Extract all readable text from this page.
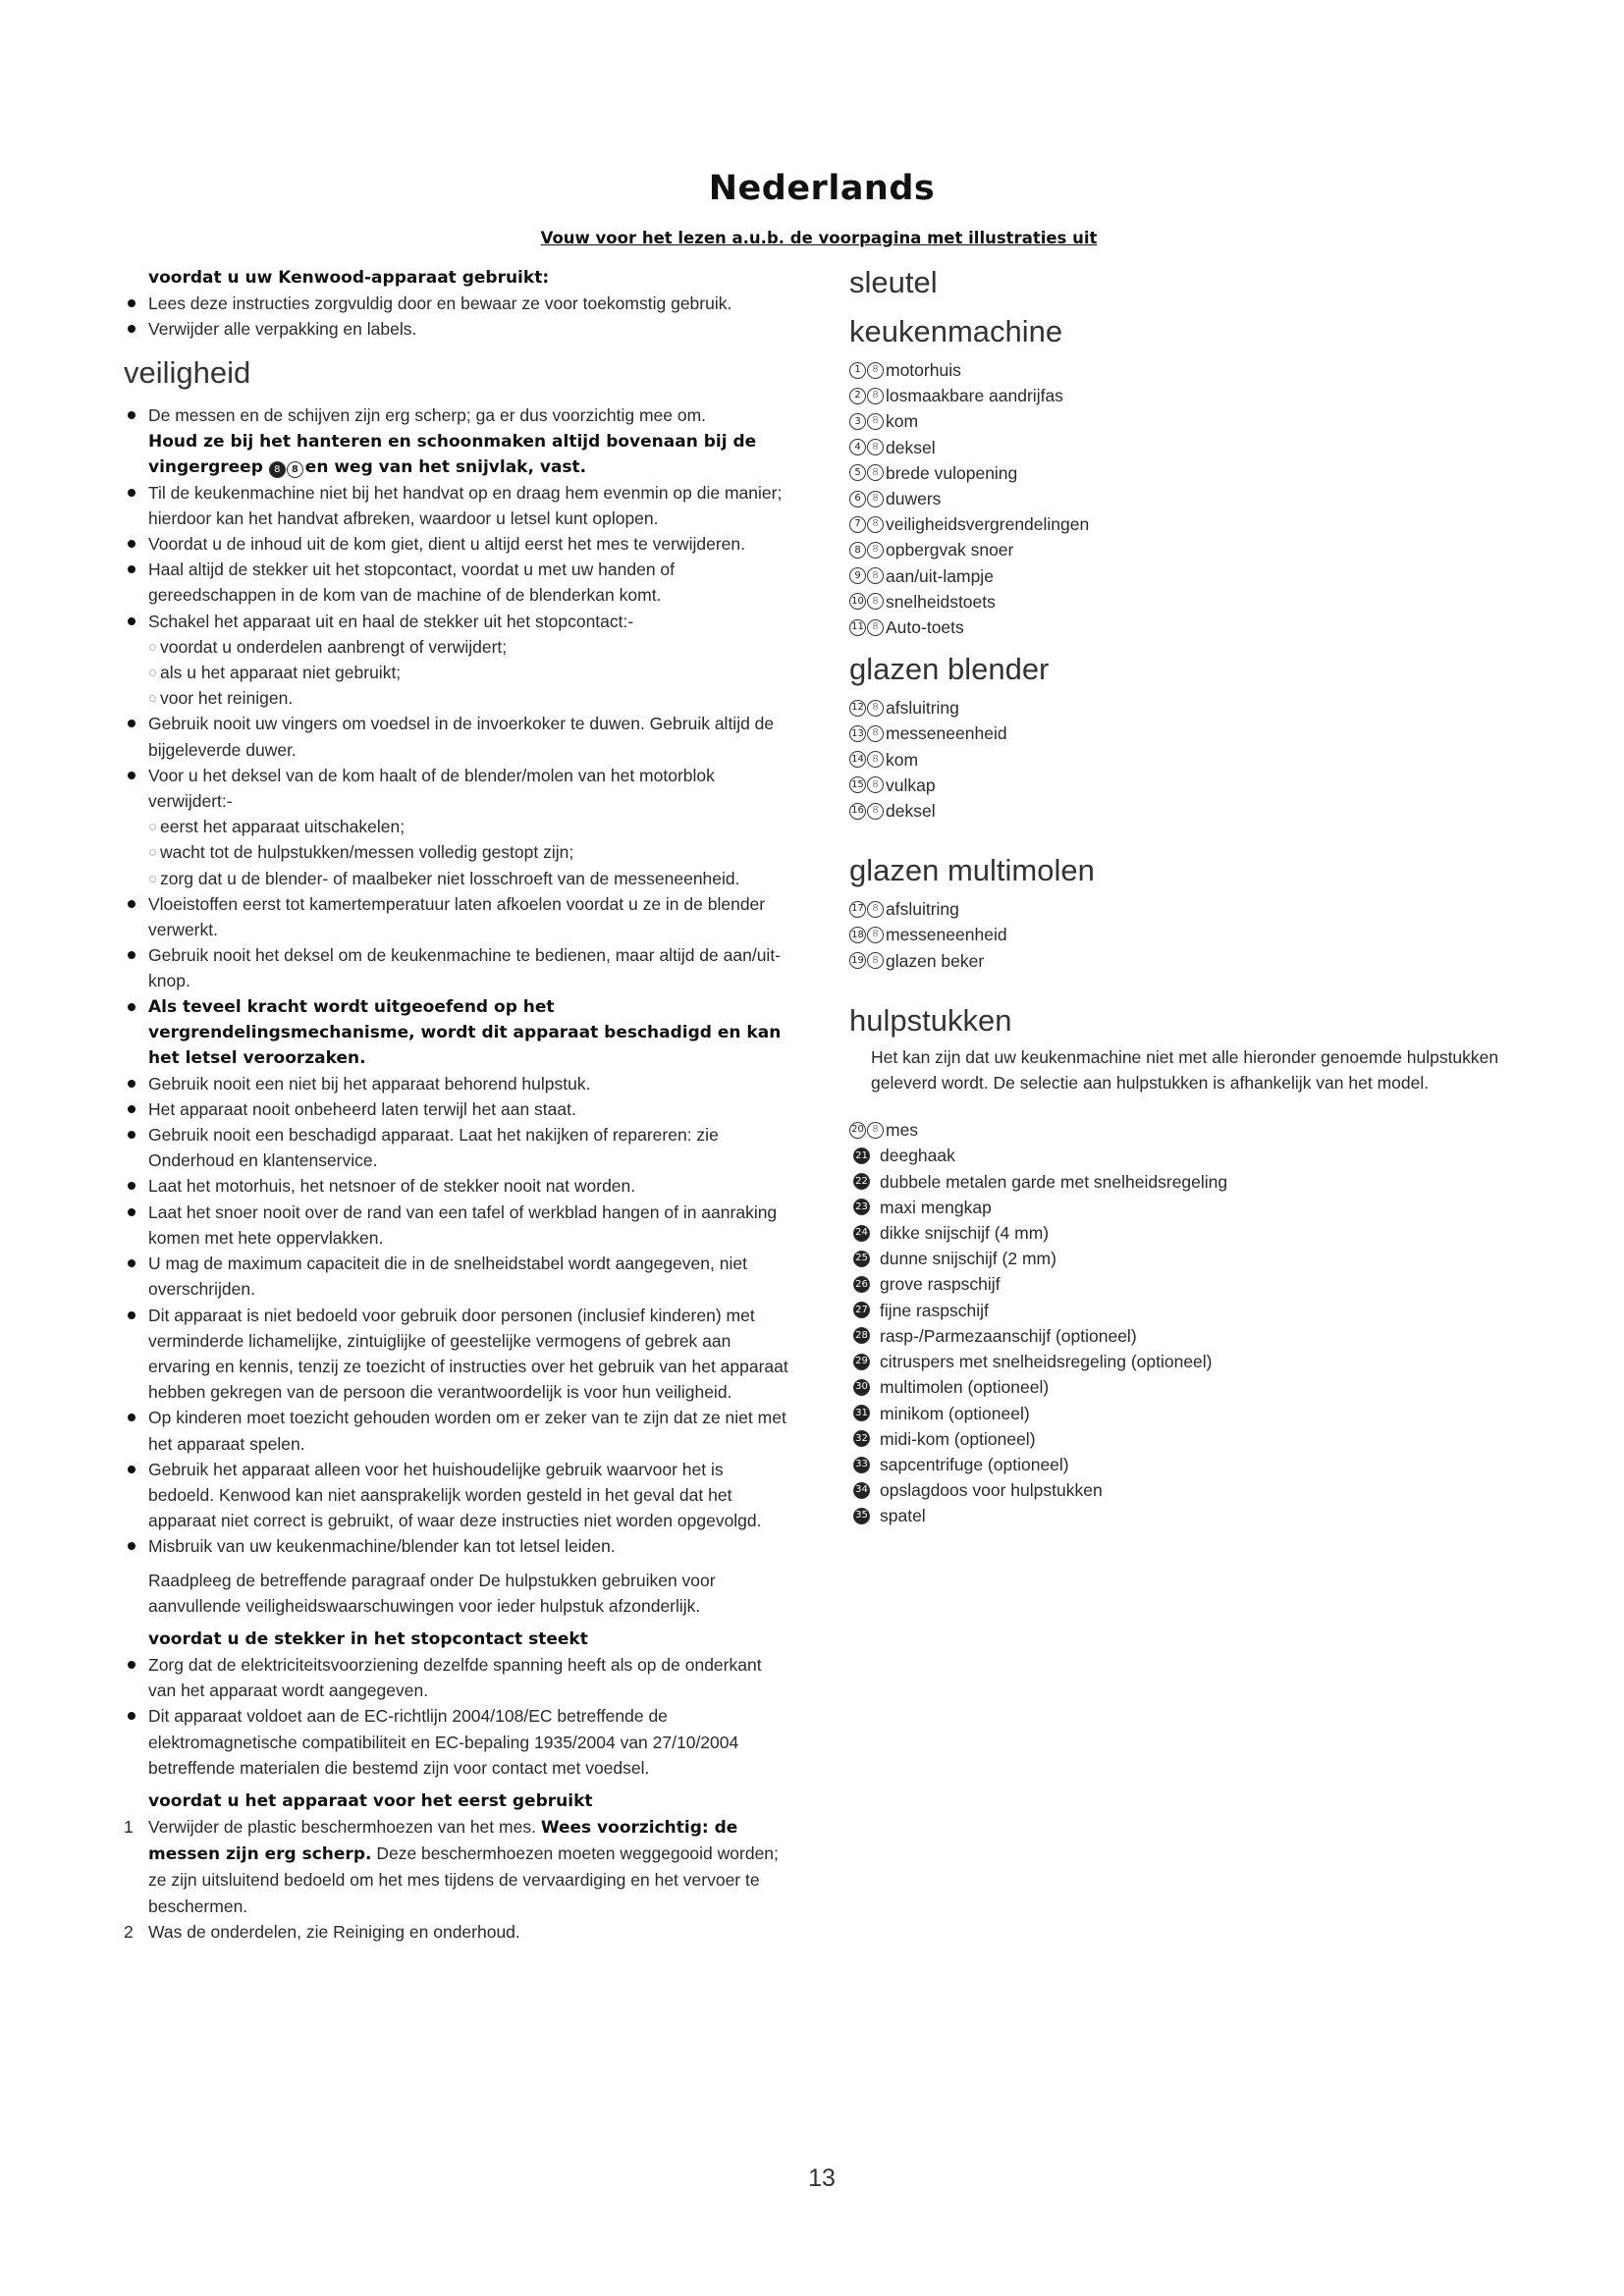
Nederlands
Vouw voor het lezen a.u.b. de voorpagina met illustraties uit
voordat u uw Kenwood-apparaat gebruikt:
Lees deze instructies zorgvuldig door en bewaar ze voor toekomstig gebruik.
Verwijder alle verpakking en labels.
veiligheid
De messen en de schijven zijn erg scherp; ga er dus voorzichtig mee om.
Houd ze bij het hanteren en schoonmaken altijd bovenaan bij de vingergreep 8 8 en weg van het snijvlak, vast.
Til de keukenmachine niet bij het handvat op en draag hem evenmin op die manier; hierdoor kan het handvat afbreken, waardoor u letsel kunt oplopen.
Voordat u de inhoud uit de kom giet, dient u altijd eerst het mes te verwijderen.
Haal altijd de stekker uit het stopcontact, voordat u met uw handen of gereedschappen in de kom van de machine of de blenderkan komt.
Schakel het apparaat uit en haal de stekker uit het stopcontact:-
voordat u onderdelen aanbrengt of verwijdert;
als u het apparaat niet gebruikt;
voor het reinigen.
Gebruik nooit uw vingers om voedsel in de invoerkoker te duwen. Gebruik altijd de bijgeleverde duwer.
Voor u het deksel van de kom haalt of de blender/molen van het motorblok verwijdert:-
eerst het apparaat uitschakelen;
wacht tot de hulpstukken/messen volledig gestopt zijn;
zorg dat u de blender- of maalbeker niet losschroeft van de messeneenheid.
Vloeistoffen eerst tot kamertemperatuur laten afkoelen voordat u ze in de blender verwerkt.
Gebruik nooit het deksel om de keukenmachine te bedienen, maar altijd de aan/uit-knop.
Als teveel kracht wordt uitgeoefend op het vergrendelingsmechanisme, wordt dit apparaat beschadigd en kan het letsel veroorzaken.
Gebruik nooit een niet bij het apparaat behorend hulpstuk.
Het apparaat nooit onbeheerd laten terwijl het aan staat.
Gebruik nooit een beschadigd apparaat. Laat het nakijken of repareren: zie Onderhoud en klantenservice.
Laat het motorhuis, het netsnoer of de stekker nooit nat worden.
Laat het snoer nooit over de rand van een tafel of werkblad hangen of in aanraking komen met hete oppervlakken.
U mag de maximum capaciteit die in de snelheidstabel wordt aangegeven, niet overschrijden.
Dit apparaat is niet bedoeld voor gebruik door personen (inclusief kinderen) met verminderde lichamelijke, zintuiglijke of geestelijke vermogens of gebrek aan ervaring en kennis, tenzij ze toezicht of instructies over het gebruik van het apparaat hebben gekregen van de persoon die verantwoordelijk is voor hun veiligheid.
Op kinderen moet toezicht gehouden worden om er zeker van te zijn dat ze niet met het apparaat spelen.
Gebruik het apparaat alleen voor het huishoudelijke gebruik waarvoor het is bedoeld. Kenwood kan niet aansprakelijk worden gesteld in het geval dat het apparaat niet correct is gebruikt, of waar deze instructies niet worden opgevolgd.
Misbruik van uw keukenmachine/blender kan tot letsel leiden.
Raadpleeg de betreffende paragraaf onder De hulpstukken gebruiken voor aanvullende veiligheidswaarschuwingen voor ieder hulpstuk afzonderlijk.
voordat u de stekker in het stopcontact steekt
Zorg dat de elektriciteitsvoorziening dezelfde spanning heeft als op de onderkant van het apparaat wordt aangegeven.
Dit apparaat voldoet aan de EC-richtlijn 2004/108/EC betreffende de elektromagnetische compatibiliteit en EC-bepaling 1935/2004 van 27/10/2004 betreffende materialen die bestemd zijn voor contact met voedsel.
voordat u het apparaat voor het eerst gebruikt
1 Verwijder de plastic beschermhoezen van het mes. Wees voorzichtig: de messen zijn erg scherp. Deze beschermhoezen moeten weggegooid worden; ze zijn uitsluitend bedoeld om het mes tijdens de vervaardiging en het vervoer te beschermen.
2 Was de onderdelen, zie Reiniging en onderhoud.
sleutel
keukenmachine
1	8 motorhuis
2	8 losmaakbare aandrijfas
3	8 kom
4	8 deksel
5	8 brede vulopening
6	8 duwers
7	8 veiligheidsvergrendelingen
8	8 opbergvak snoer
9	8 aan/uit-lampje
10 8 snelheidstoets
11 8 Auto-toets
glazen blender
12 8 afsluitring
13 8 messeneenheid
14 8 kom
15 8 vulkap
16 8 deksel
glazen multimolen
17 8 afsluitring
18 8 messeneenheid
19 8 glazen beker
hulpstukken
Het kan zijn dat uw keukenmachine niet met alle hieronder genoemde hulpstukken geleverd wordt. De selectie aan hulpstukken is afhankelijk van het model.
20 8 mes
21 deeghaak
22 dubbele metalen garde met snelheidsregeling
23 maxi mengkap
24 dikke snijschijf (4 mm)
25 dunne snijschijf (2 mm)
26 grove raspschijf
27 fijne raspschijf
28 rasp-/Parmezaanschijf (optioneel)
29 citruspers met snelheidsregeling (optioneel)
30 multimolen (optioneel)
31 minikom (optioneel)
32 midi-kom (optioneel)
33 sapcentrifuge (optioneel)
34 opslagdoos voor hulpstukken
35 spatel
13
